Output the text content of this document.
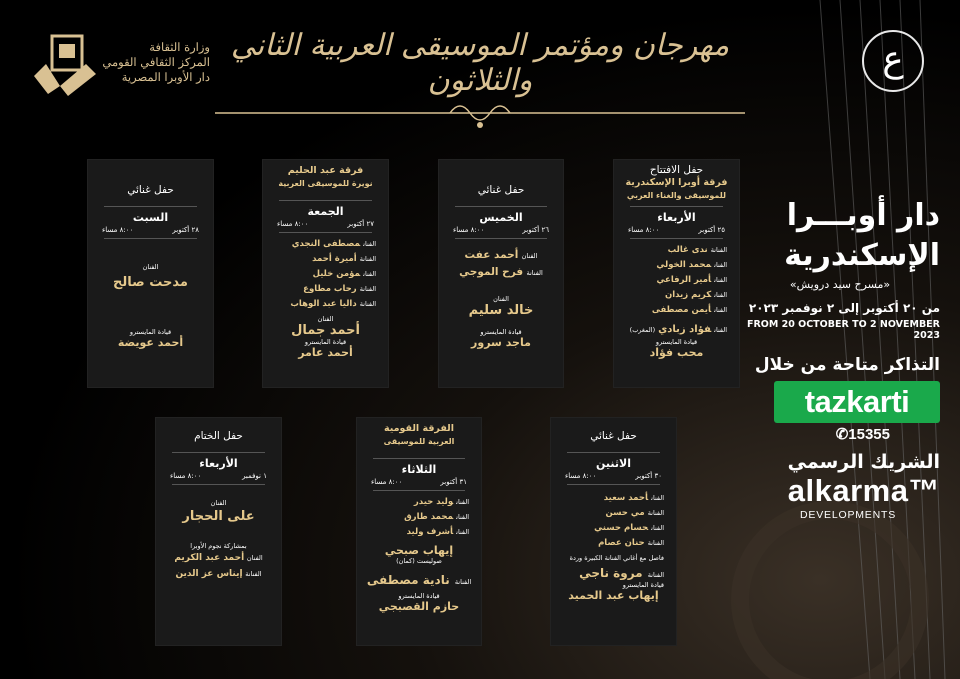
وزارة الثقافة
المركز الثقافي القومي
دار الأوبرا المصرية
مهرجان ومؤتمر الموسيقى العربية الثاني والثلاثون
ع
حفل الافتتاح
فرقة أوبرا الإسكندرية
للموسيقى والغناء العربي
الأربعاء
٢٥ أكتوبر
٨:٠٠ مساء
الفنانةندى غالب
الفنانمحمد الخولي
الفنانأمير الرفاعي
الفنانكريم زيدان
الفنانأيمن مصطفى
الفنانفؤاد زبادي (المغرب)
قيادة المايسترو
محب فؤاد
حفل غنائي
الخميس
٢٦ أكتوبر
٨:٠٠ مساء
الفنان أحمد عفت
الفنانة فرح الموجي
الفنان
خالد سليم
قيادة المايسترو
ماجد سرور
فرقة عبد الحليم
نويرة للموسيقى العربية
الجمعة
٢٧ أكتوبر
٨:٠٠ مساء
الفنانمصطفى النجدي
الفنانةأميرة أحمد
الفنانمؤمن خليل
الفنانةرحاب مطاوع
الفنانةداليا عبد الوهاب
الفنان
أحمد جمال
قيادة المايسترو
أحمد عامر
حفل غنائي
السبت
٢٨ أكتوبر
٨:٠٠ مساء
الفنان
مدحت صالح
قيادة المايسترو
أحمد عويضة
حفل غنائي
الاثنين
٣٠ أكتوبر
٨:٠٠ مساء
الفنانأحمد سعيد
الفنانةمي حسن
الفنانحسام حسني
الفنانةحنان عصام
فاصل مع أغاني الفنانة الكبيرة وردة
الفنانة مروة ناجي
قيادة المايسترو
إيهاب عبد الحميد
الفرقة القومية
العربية للموسيقى
الثلاثاء
٣١ أكتوبر
٨:٠٠ مساء
الفنانوليد حيدر
الفنانمحمد طارق
الفنانأشرف وليد
إيهاب صبحي
صوليست (كمان)
الفنانة نادية مصطفى
قيادة المايسترو
حازم القصبجي
حفل الختام
الأربعاء
١ نوفمبر
٨:٠٠ مساء
الفنان
على الحجار
بمشاركة نجوم الأوبرا
الفنان أحمد عبد الكريم
الفنانة إيناس عز الدين
دار أوبـــرا
الإسكندرية
«مسرح سيد درويش»
من ٢٠ أكتوبر إلى ٢ نوفمبر ٢٠٢٣
FROM 20 OCTOBER TO 2 NOVEMBER 2023
التذاكر متاحة من خلال
tazkarti
✆15355
الشريك الرسمي
alkarma™
DEVELOPMENTS
